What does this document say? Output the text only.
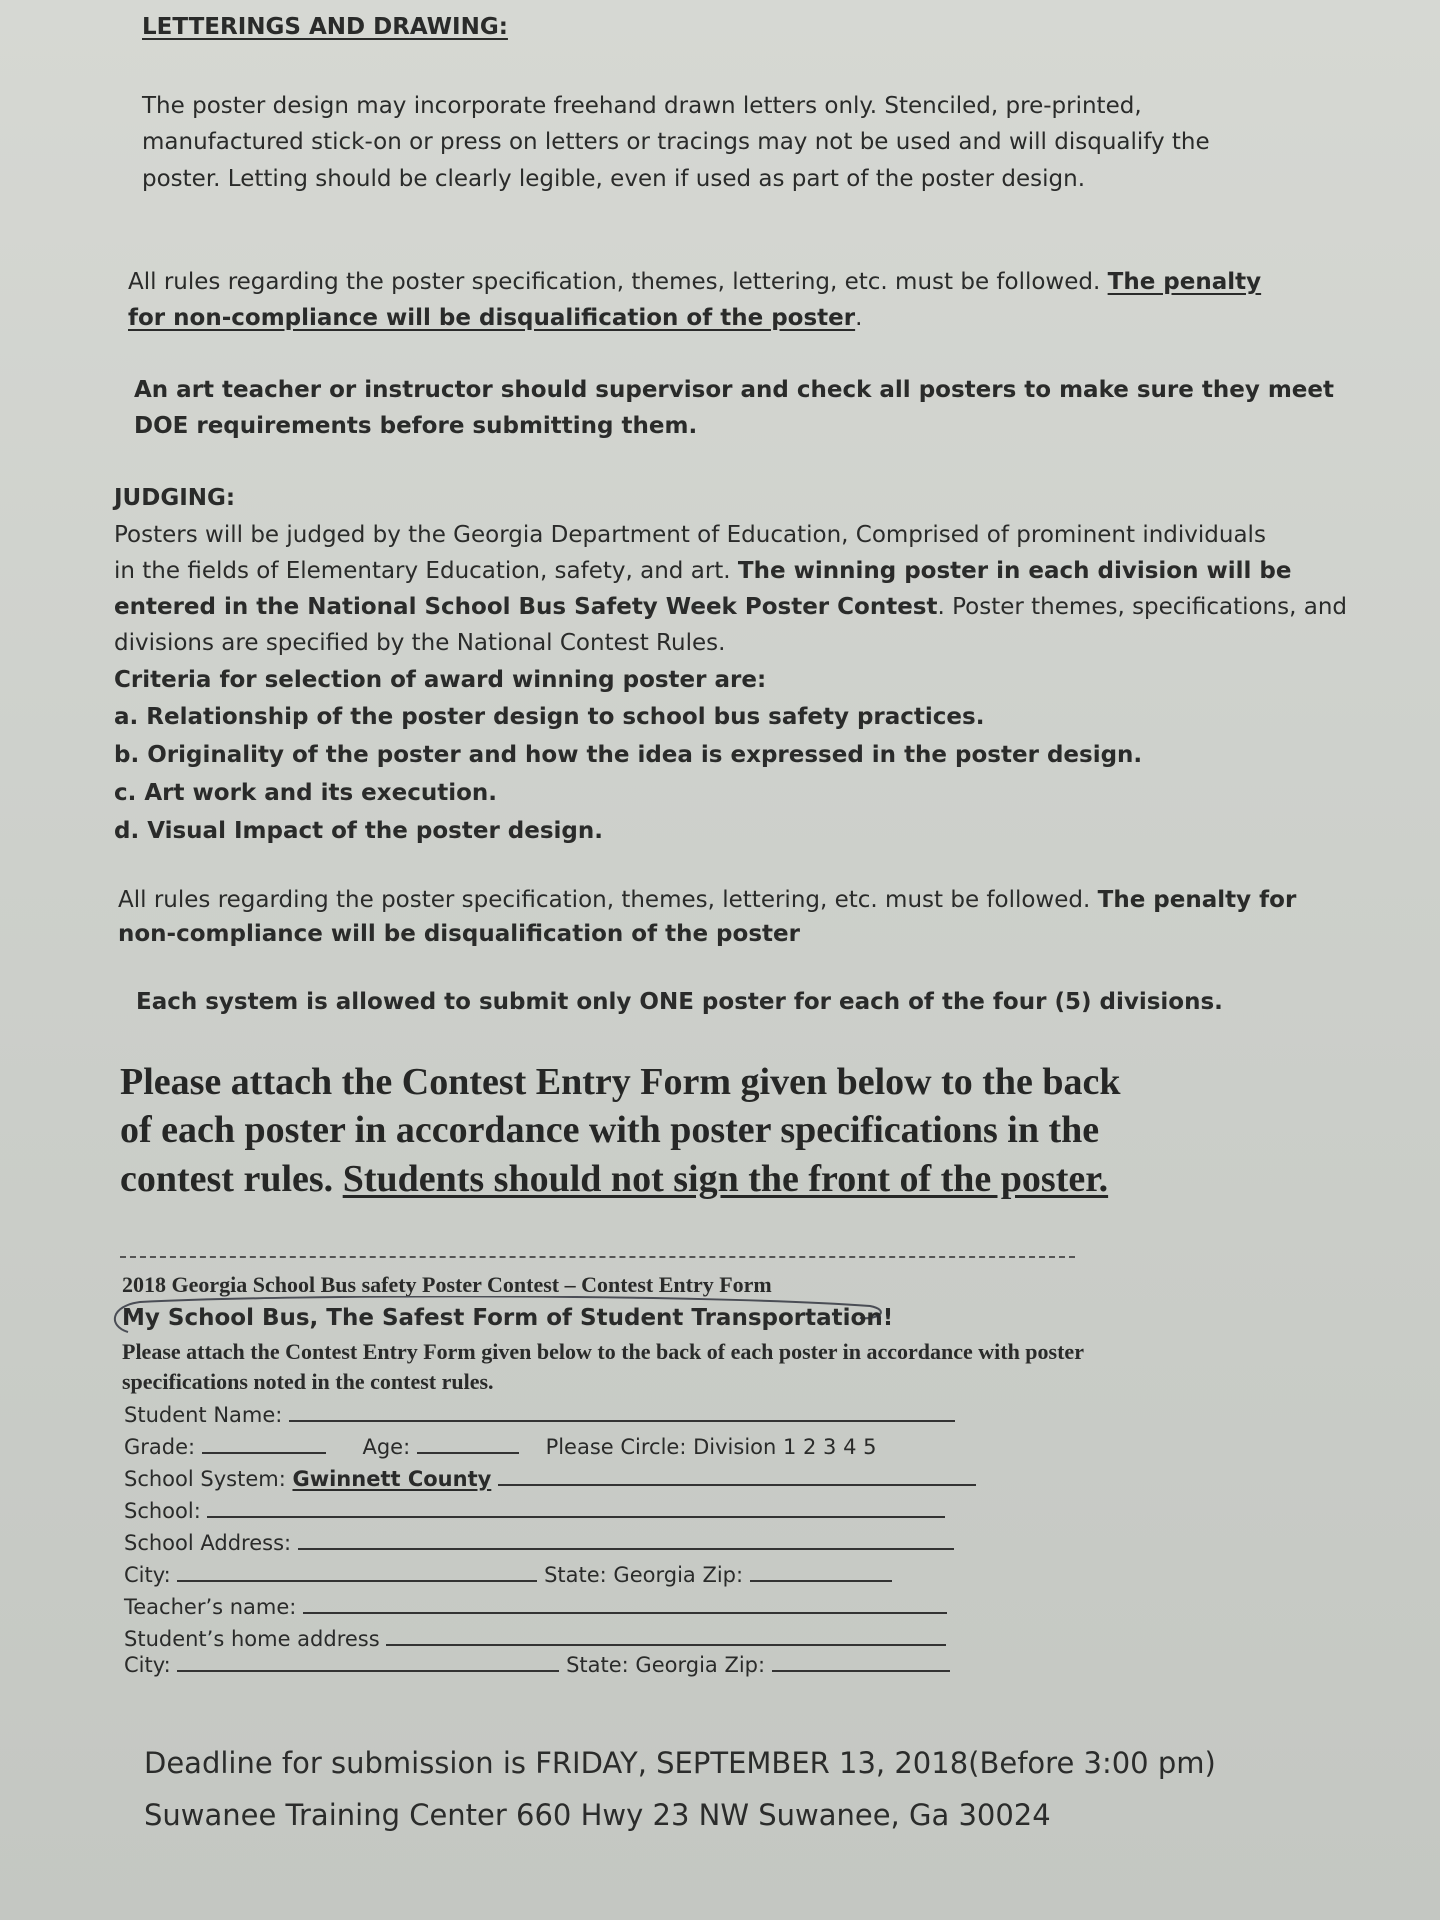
LETTERINGS AND DRAWING:
The poster design may incorporate freehand drawn letters only. Stenciled, pre-printed,
manufactured stick-on or press on letters or tracings may not be used and will disqualify the
poster. Letting should be clearly legible, even if used as part of the poster design.
All rules regarding the poster specification, themes, lettering, etc. must be followed. The penalty
for non-compliance will be disqualification of the poster.
An art teacher or instructor should supervisor and check all posters to make sure they meet
DOE requirements before submitting them.
JUDGING:
Posters will be judged by the Georgia Department of Education, Comprised of prominent individuals
in the fields of Elementary Education, safety, and art. The winning poster in each division will be
entered in the National School Bus Safety Week Poster Contest. Poster themes, specifications, and
divisions are specified by the National Contest Rules.
Criteria for selection of award winning poster are:
a. Relationship of the poster design to school bus safety practices.
b. Originality of the poster and how the idea is expressed in the poster design.
c. Art work and its execution.
d. Visual Impact of the poster design.
All rules regarding the poster specification, themes, lettering, etc. must be followed. The penalty for
non-compliance will be disqualification of the poster
Each system is allowed to submit only ONE poster for each of the four (5) divisions.
Please attach the Contest Entry Form given below to the back
of each poster in accordance with poster specifications in the
contest rules. Students should not sign the front of the poster.
2018 Georgia School Bus safety Poster Contest – Contest Entry Form
My School Bus, The Safest Form of Student Transportation!
Please attach the Contest Entry Form given below to the back of each poster in accordance with poster
specifications noted in the contest rules.
Student Name:
Grade:	Age:	Please Circle: Division 1 2 3 4 5
School System: Gwinnett County
School:
School Address:
City:	State: Georgia Zip:
Teacher’s name:
Student’s home address
City:	State: Georgia Zip:
Deadline for submission is FRIDAY, SEPTEMBER 13, 2018(Before 3:00 pm)
Suwanee Training Center 660 Hwy 23 NW Suwanee, Ga 30024
